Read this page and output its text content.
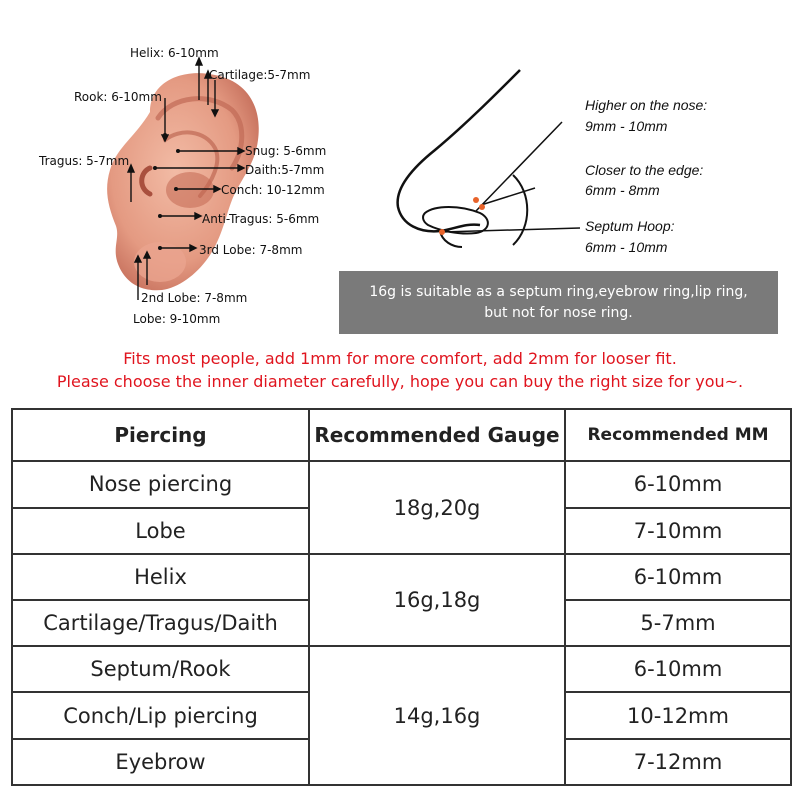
Helix: 6-10mm
Cartilage:5-7mm
Rook: 6-10mm
Snug: 5-6mm
Tragus: 5-7mm
Daith:5-7mm
Conch: 10-12mm
Anti-Tragus: 5-6mm
3rd Lobe: 7-8mm
2nd Lobe: 7-8mm
Lobe: 9-10mm
Higher on the nose:
9mm - 10mm
Closer to the edge:
6mm - 8mm
Septum Hoop:
6mm - 10mm
16g is suitable as a septum ring,eyebrow ring,lip ring,
but not for nose ring.
Fits most people, add 1mm for more comfort, add 2mm for looser fit.
Please choose the inner diameter carefully, hope you can buy the right size for you~.
Piercing	Recommended Gauge	Recommended MM
Nose piercing	18g,20g	6-10mm
Lobe		7-10mm
Helix	16g,18g	6-10mm
Cartilage/Tragus/Daith		5-7mm
Septum/Rook	14g,16g	6-10mm
Conch/Lip piercing		10-12mm
Eyebrow		7-12mm
